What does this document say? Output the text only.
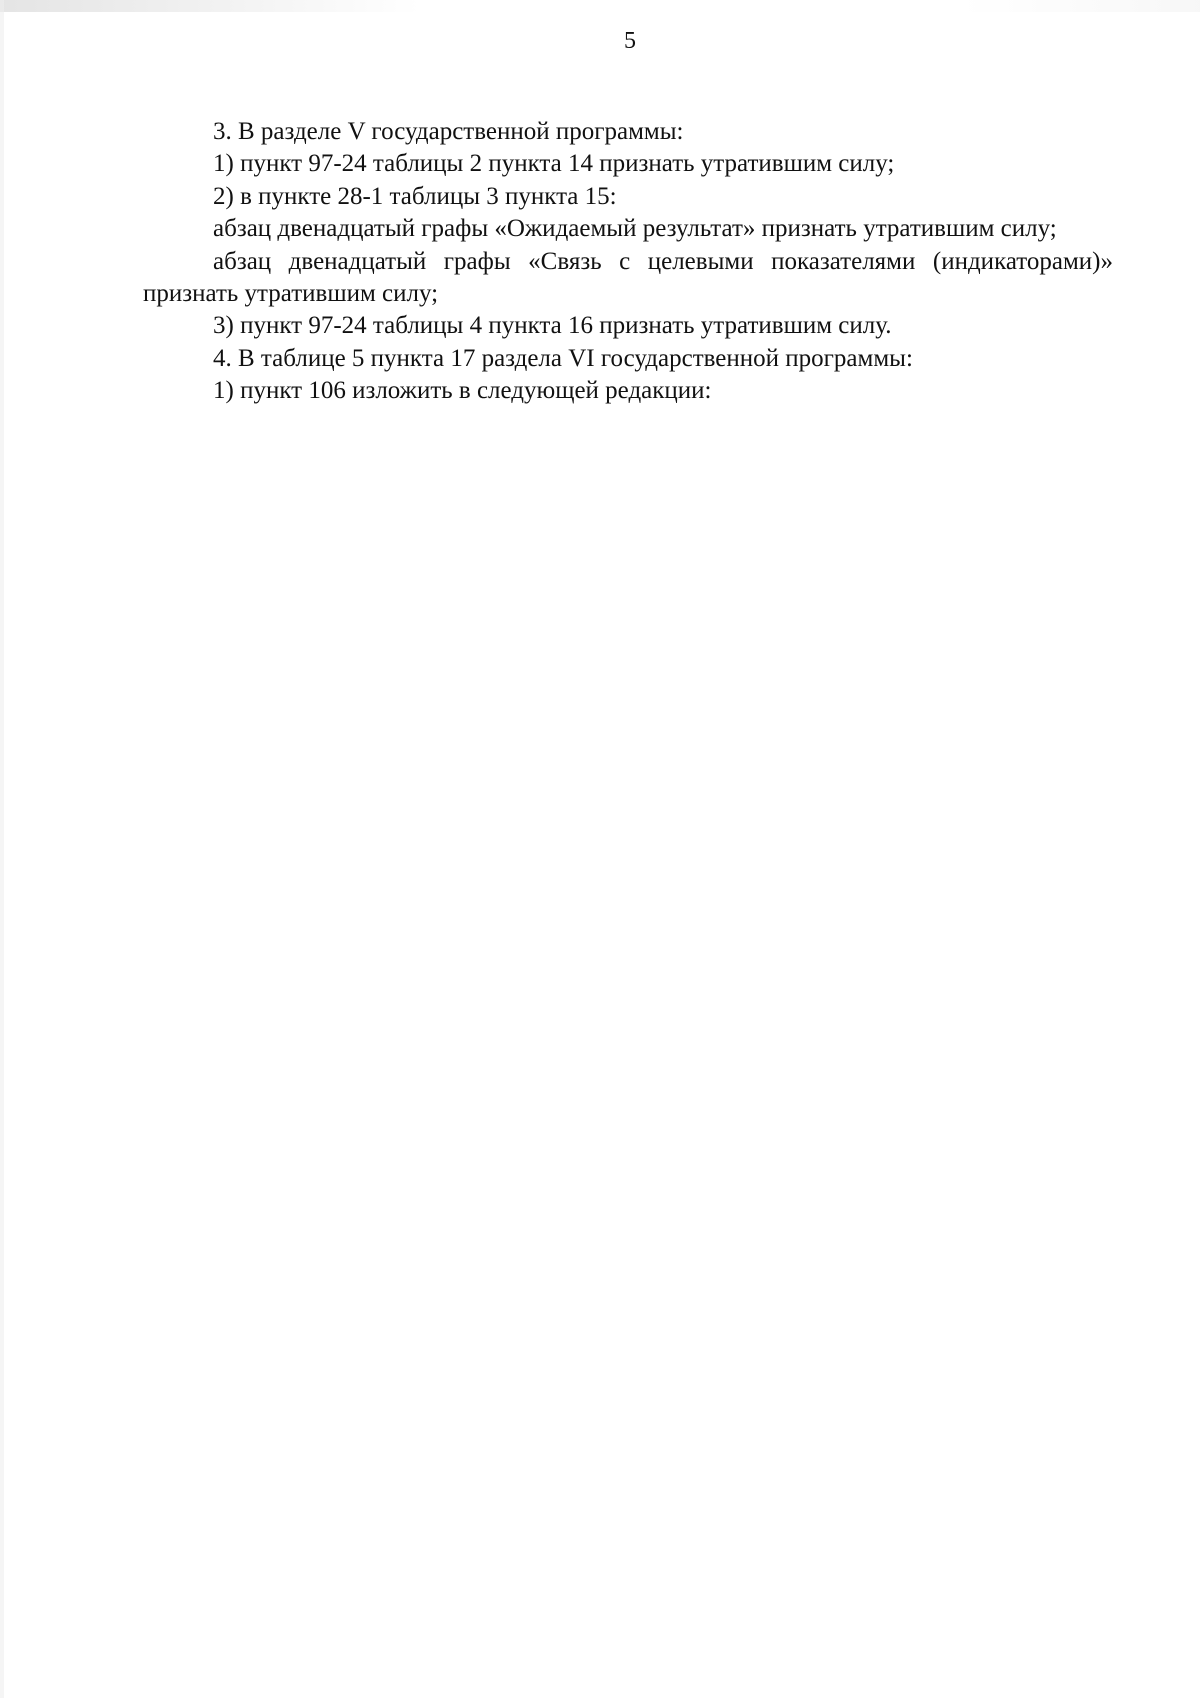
5

3. В разделе V государственной программы:

1) пункт 97-24 таблицы 2 пункта 14 признать утратившим силу;

2) в пункте 28-1 таблицы 3 пункта 15:

абзац двенадцатый графы «Ожидаемый результат» признать утратившим силу;

абзац двенадцатый графы «Связь с целевыми показателями (индикаторами)» признать утратившим силу;

3) пункт 97-24 таблицы 4 пункта 16 признать утратившим силу.

4. В таблице 5 пункта 17 раздела VI государственной программы:

1) пункт 106 изложить в следующей редакции:
